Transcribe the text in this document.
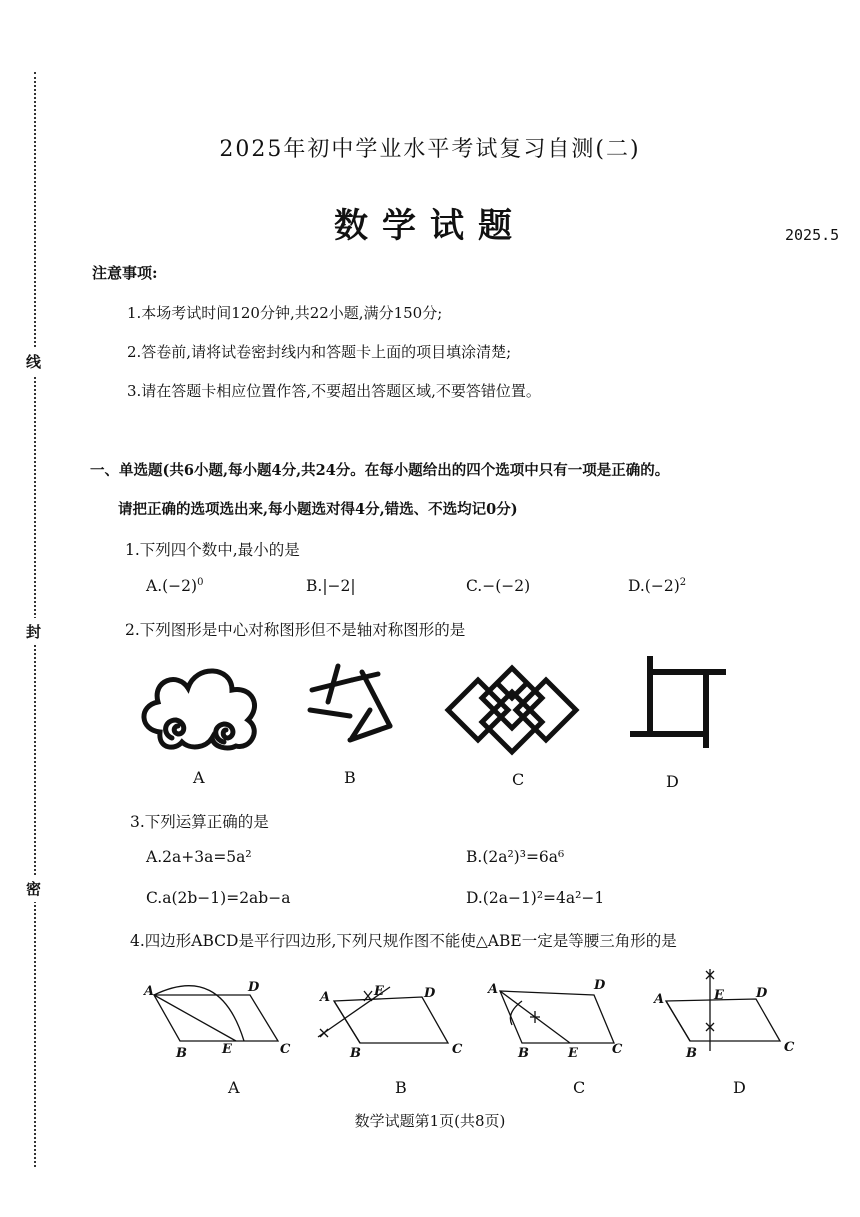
线
封
密
2025年初中学业水平考试复习自测(二)
数学试题	2025.5
注意事项:
1.本场考试时间120分钟,共22小题,满分150分;
2.答卷前,请将试卷密封线内和答题卡上面的项目填涂清楚;
3.请在答题卡相应位置作答,不要超出答题区域,不要答错位置。
一、单选题(共6小题,每小题4分,共24分。在每小题给出的四个选项中只有一项是正确的。
请把正确的选项选出来,每小题选对得4分,错选、不选均记0分)
1.下列四个数中,最小的是
$A.(-2)^0$	B.|−2|	C.−(−2)	$D.(-2)^2$
2.下列图形是中心对称图形但不是轴对称图形的是
A	B	C	D
3.下列运算正确的是
A.2a+3a=5a²	B.(2a²)³=6a⁶
C.a(2b−1)=2ab−a	D.(2a−1)²=4a²−1
4.四边形ABCD是平行四边形,下列尺规作图不能使△ABE一定是等腰三角形的是
A	D
B	E	C
A	E	D
B	C
A	D
B	E	C
A	E D
B	C
A	B	C	D
数学试题第1页(共8页)
